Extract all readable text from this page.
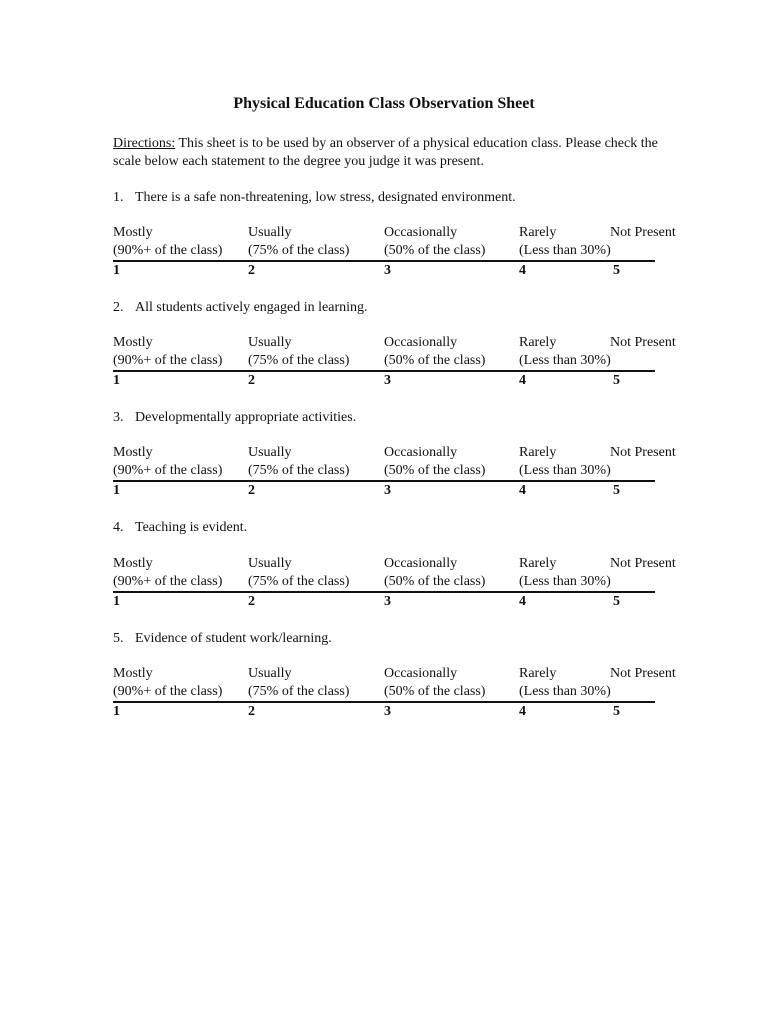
Physical Education Class Observation Sheet
Directions: This sheet is to be used by an observer of a physical education class. Please check the scale below each statement to the degree you judge it was present.
1. There is a safe non-threatening, low stress, designated environment.
Mostly	Usually	Occasionally	Rarely	Not Present
(90%+ of the class) (75% of the class) (50% of the class) (Less than 30%)
1	2	3	4	5
2. All students actively engaged in learning.
Mostly	Usually	Occasionally	Rarely	Not Present
(90%+ of the class) (75% of the class) (50% of the class) (Less than 30%)
1	2	3	4	5
3. Developmentally appropriate activities.
Mostly	Usually	Occasionally	Rarely	Not Present
(90%+ of the class) (75% of the class) (50% of the class) (Less than 30%)
1	2	3	4	5
4. Teaching is evident.
Mostly	Usually	Occasionally	Rarely	Not Present
(90%+ of the class) (75% of the class) (50% of the class) (Less than 30%)
1	2	3	4	5
5. Evidence of student work/learning.
Mostly	Usually	Occasionally	Rarely	Not Present
(90%+ of the class) (75% of the class) (50% of the class) (Less than 30%)
1	2	3	4	5
